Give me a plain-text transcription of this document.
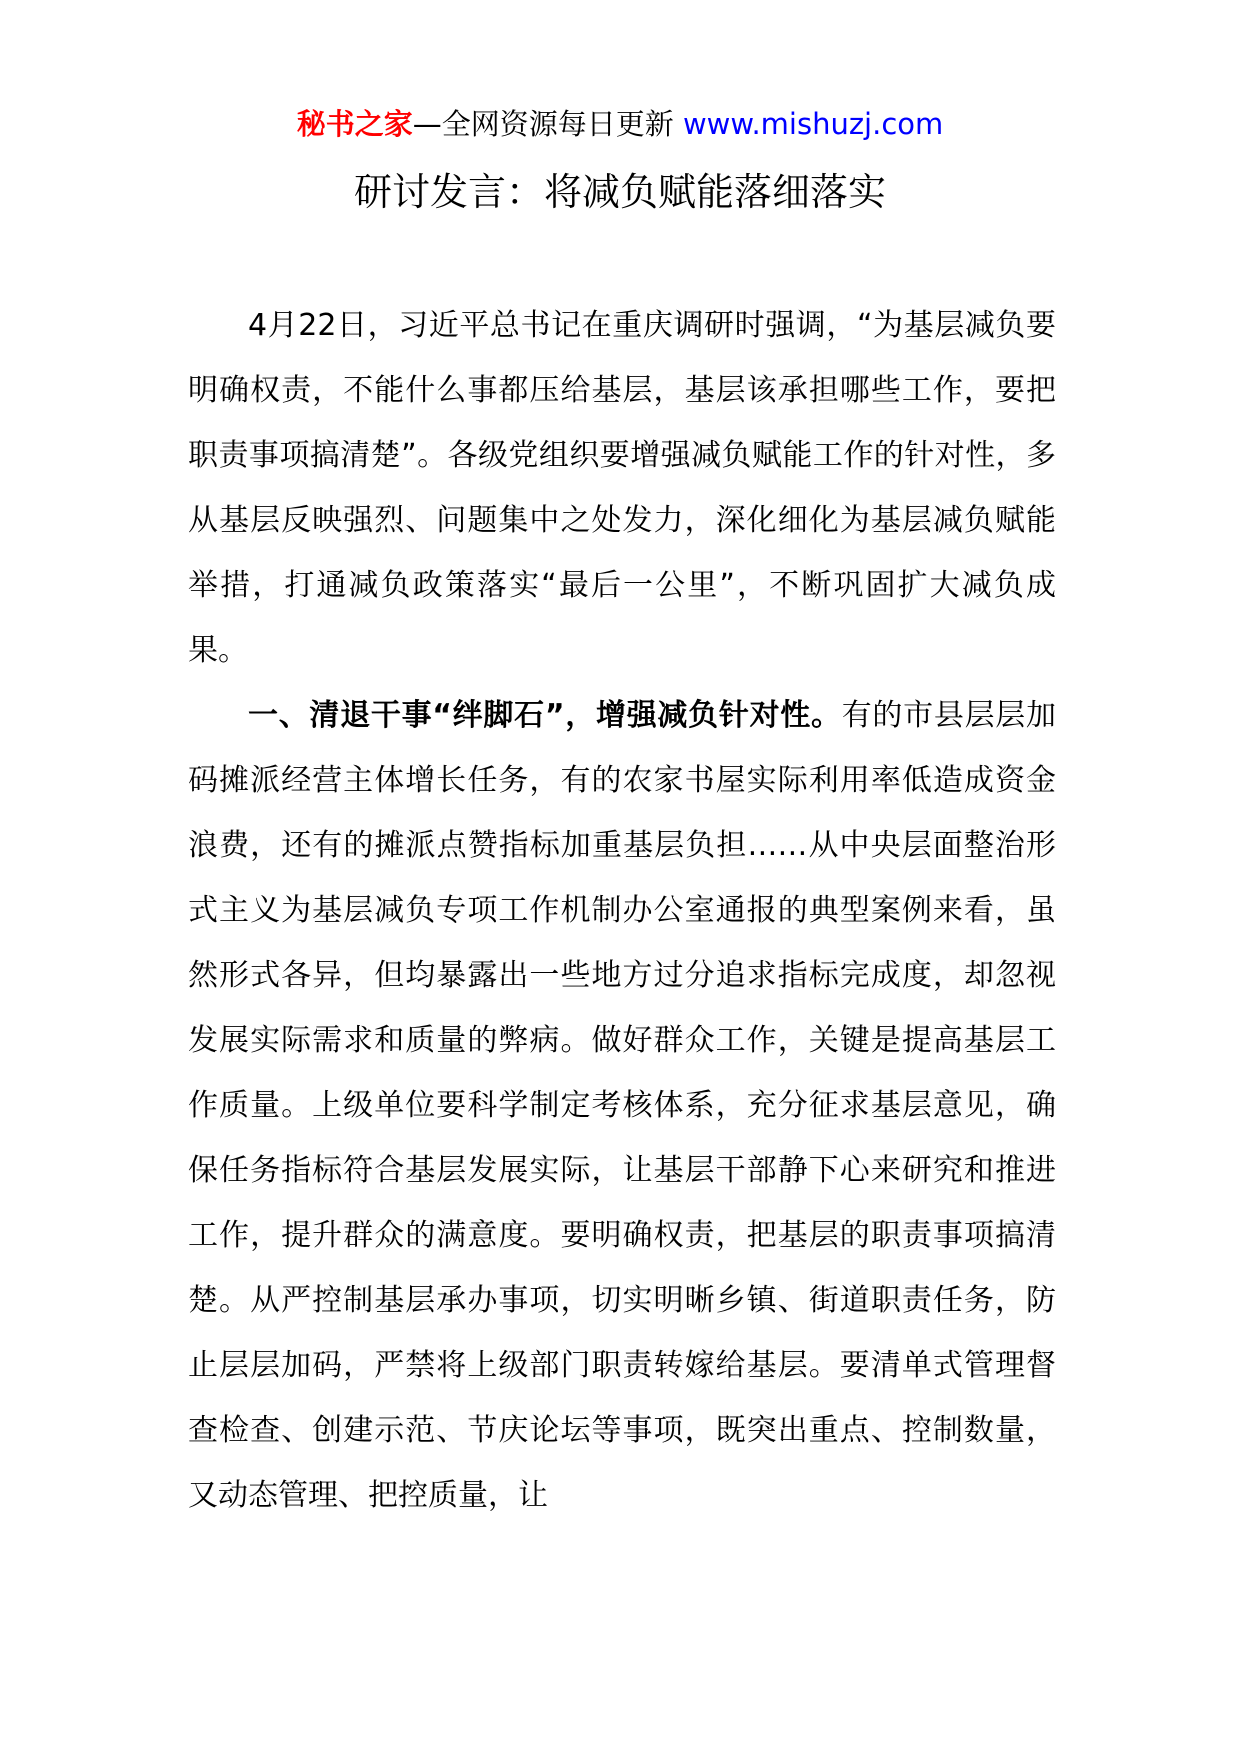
秘书之家—全网资源每日更新 www.mishuzj.com
研讨发言：将减负赋能落细落实

4月22日，习近平总书记在重庆调研时强调，“为基层减负要明确权责，不能什么事都压给基层，基层该承担哪些工作，要把职责事项搞清楚”。各级党组织要增强减负赋能工作的针对性，多从基层反映强烈、问题集中之处发力，深化细化为基层减负赋能举措，打通减负政策落实“最后一公里”，不断巩固扩大减负成果。

一、清退干事“绊脚石”，增强减负针对性。有的市县层层加码摊派经营主体增长任务，有的农家书屋实际利用率低造成资金浪费，还有的摊派点赞指标加重基层负担……从中央层面整治形式主义为基层减负专项工作机制办公室通报的典型案例来看，虽然形式各异，但均暴露出一些地方过分追求指标完成度，却忽视发展实际需求和质量的弊病。做好群众工作，关键是提高基层工作质量。上级单位要科学制定考核体系，充分征求基层意见，确保任务指标符合基层发展实际，让基层干部静下心来研究和推进工作，提升群众的满意度。要明确权责，把基层的职责事项搞清楚。从严控制基层承办事项，切实明晰乡镇、街道职责任务，防止层层加码，严禁将上级部门职责转嫁给基层。要清单式管理督查检查、创建示范、节庆论坛等事项，既突出重点、控制数量，又动态管理、把控质量，让
